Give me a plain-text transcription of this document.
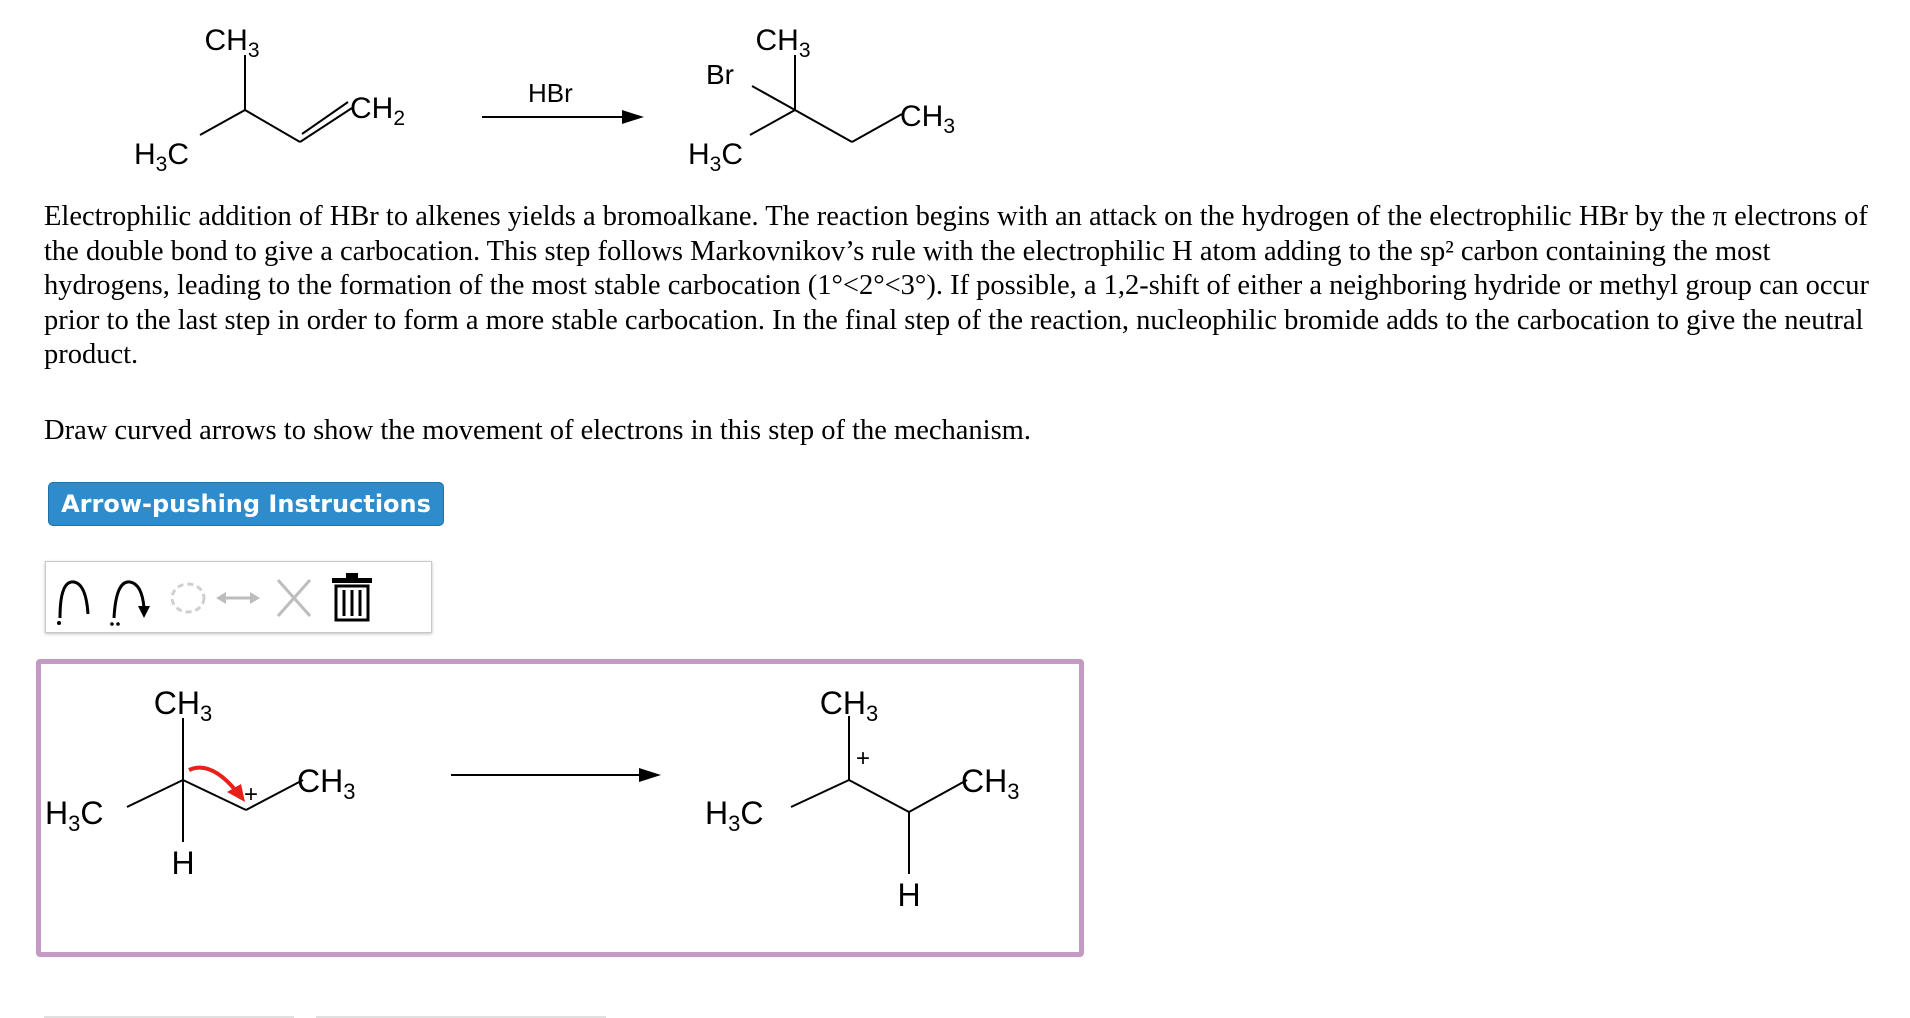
$CH_3$
$CH_2$
$H_3C$
HBr
Br
$CH_3$
$CH_3$
$H_3C$

Electrophilic addition of HBr to alkenes yields a bromoalkane. The reaction begins with an attack on the hydrogen of the electrophilic HBr by the π electrons of the double bond to give a carbocation. This step follows Markovnikov’s rule with the electrophilic H atom adding to the sp² carbon containing the most hydrogens, leading to the formation of the most stable carbocation (1°<2°<3°). If possible, a 1,2-shift of either a neighboring hydride or methyl group can occur prior to the last step in order to form a more stable carbocation. In the final step of the reaction, nucleophilic bromide adds to the carbocation to give the neutral product.

Draw curved arrows to show the movement of electrons in this step of the mechanism.

Arrow-pushing Instructions
$CH_3$
$CH_3$
$H_3C$
H
+
$CH_3$
$CH_3$
$H_3C$
H
+
